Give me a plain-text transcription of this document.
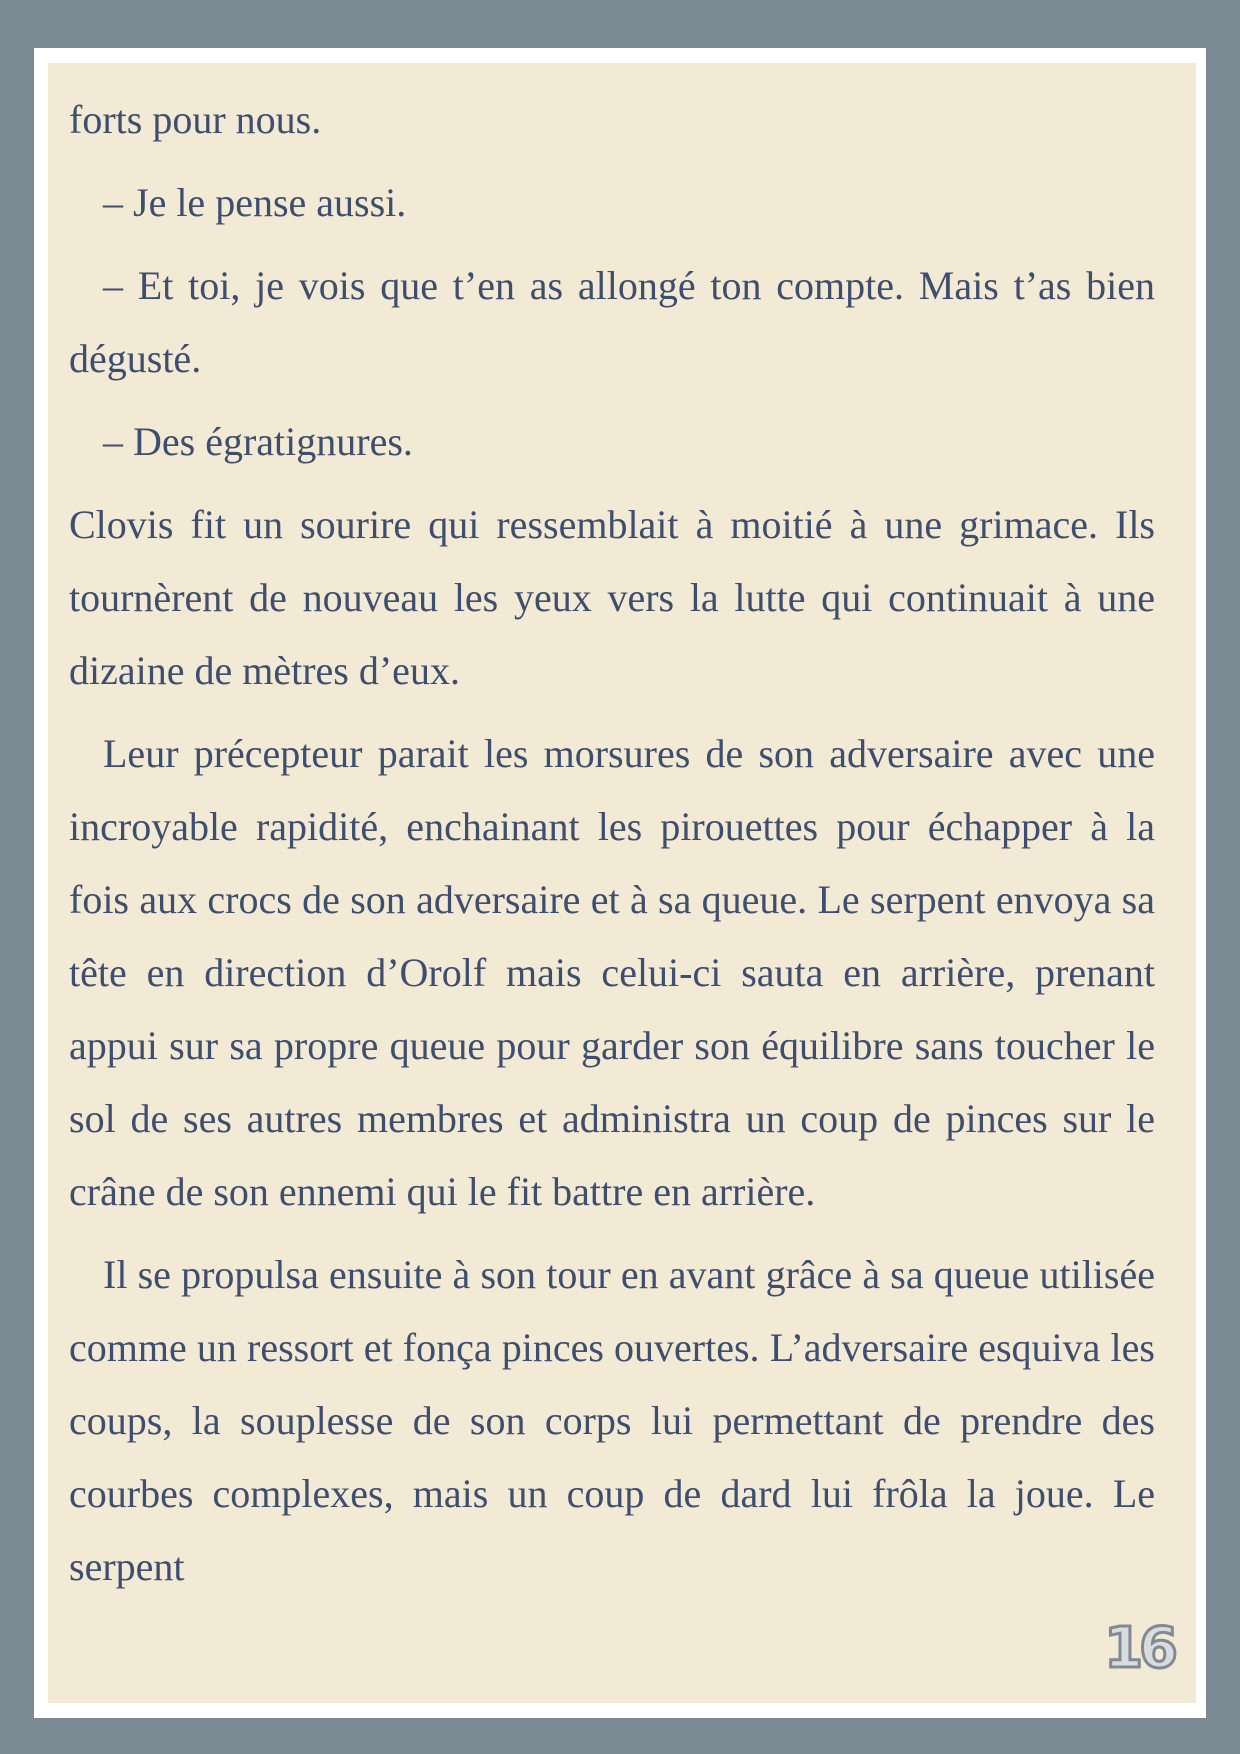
forts pour nous.

– Je le pense aussi.

– Et toi, je vois que t’en as allongé ton compte. Mais t’as bien dégusté.

– Des égratignures.

Clovis fit un sourire qui ressemblait à moitié à une grimace. Ils tournèrent de nouveau les yeux vers la lutte qui continuait à une dizaine de mètres d’eux.

Leur précepteur parait les morsures de son adversaire avec une incroyable rapidité, enchainant les pirouettes pour échapper à la fois aux crocs de son adversaire et à sa queue. Le serpent envoya sa tête en direction d’Orolf mais celui-ci sauta en arrière, prenant appui sur sa propre queue pour garder son équilibre sans toucher le sol de ses autres membres et administra un coup de pinces sur le crâne de son ennemi qui le fit battre en arrière.

Il se propulsa ensuite à son tour en avant grâce à sa queue utilisée comme un ressort et fonça pinces ouvertes. L’adversaire esquiva les coups, la souplesse de son corps lui permettant de prendre des courbes complexes, mais un coup de dard lui frôla la joue. Le serpent

16
